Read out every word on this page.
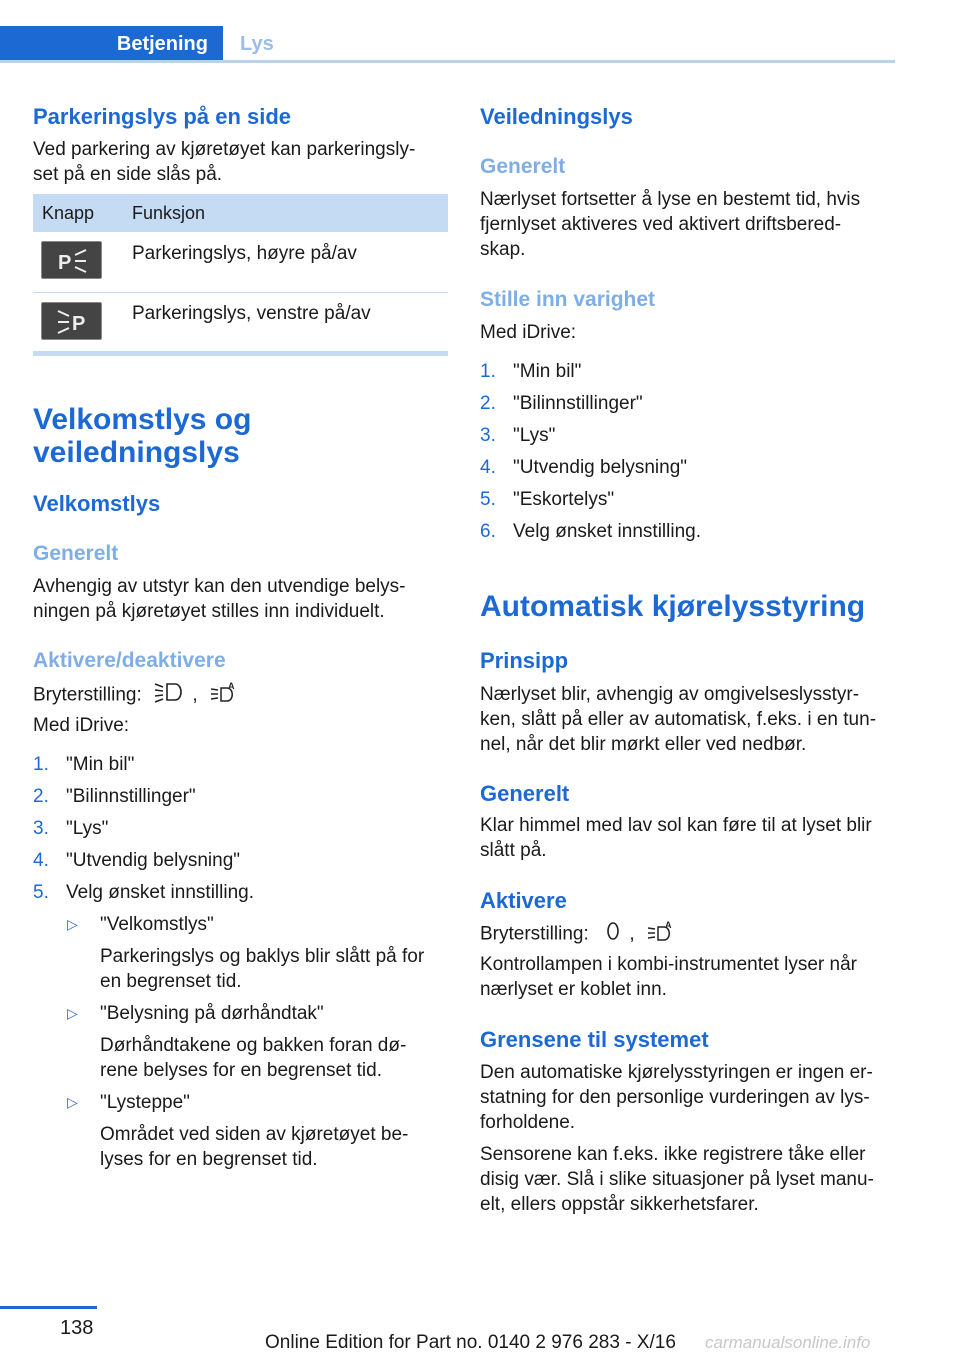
Betjening	Lys
Parkeringslys på en side
Ved parkering av kjøretøyet kan parkeringsly-
set på en side slås på.
Knapp Funksjon
P	Parkeringslys, høyre på/av
P Parkeringslys, venstre på/av
Velkomstlys og
veiledningslys
Velkomstlys
Generelt
Avhengig av utstyr kan den utvendige belys-
ningen på kjøretøyet stilles inn individuelt.
Aktivere/deaktivere
Bryterstilling:	,	A
Med iDrive:
1. "Min bil"
2. "Bilinnstillinger"
3. "Lys"
4. "Utvendig belysning"
5. Velg ønsket innstilling.
▷ "Velkomstlys"
Parkeringslys og baklys blir slått på for
en begrenset tid.
▷ "Belysning på dørhåndtak"
Dørhåndtakene og bakken foran dø-
rene belyses for en begrenset tid.
▷ "Lysteppe"
Området ved siden av kjøretøyet be-
lyses for en begrenset tid.
Veiledningslys
Generelt
Nærlyset fortsetter å lyse en bestemt tid, hvis
fjernlyset aktiveres ved aktivert driftsbered-
skap.
Stille inn varighet
Med iDrive:
1. "Min bil"
2. "Bilinnstillinger"
3. "Lys"
4. "Utvendig belysning"
5. "Eskortelys"
6. Velg ønsket innstilling.
Automatisk kjørelysstyring
Prinsipp
Nærlyset blir, avhengig av omgivelseslysstyr-
ken, slått på eller av automatisk, f.eks. i en tun-
nel, når det blir mørkt eller ved nedbør.
Generelt
Klar himmel med lav sol kan føre til at lyset blir
slått på.
Aktivere
Bryterstilling: ,	A
Kontrollampen i kombi-instrumentet lyser når
nærlyset er koblet inn.
Grensene til systemet
Den automatiske kjørelysstyringen er ingen er-
statning for den personlige vurderingen av lys-
forholdene.
Sensorene kan f.eks. ikke registrere tåke eller
disig vær. Slå i slike situasjoner på lyset manu-
elt, ellers oppstår sikkerhetsfarer.
138
Online Edition for Part no. 0140 2 976 283 - X/16 carmanualsonline.info
